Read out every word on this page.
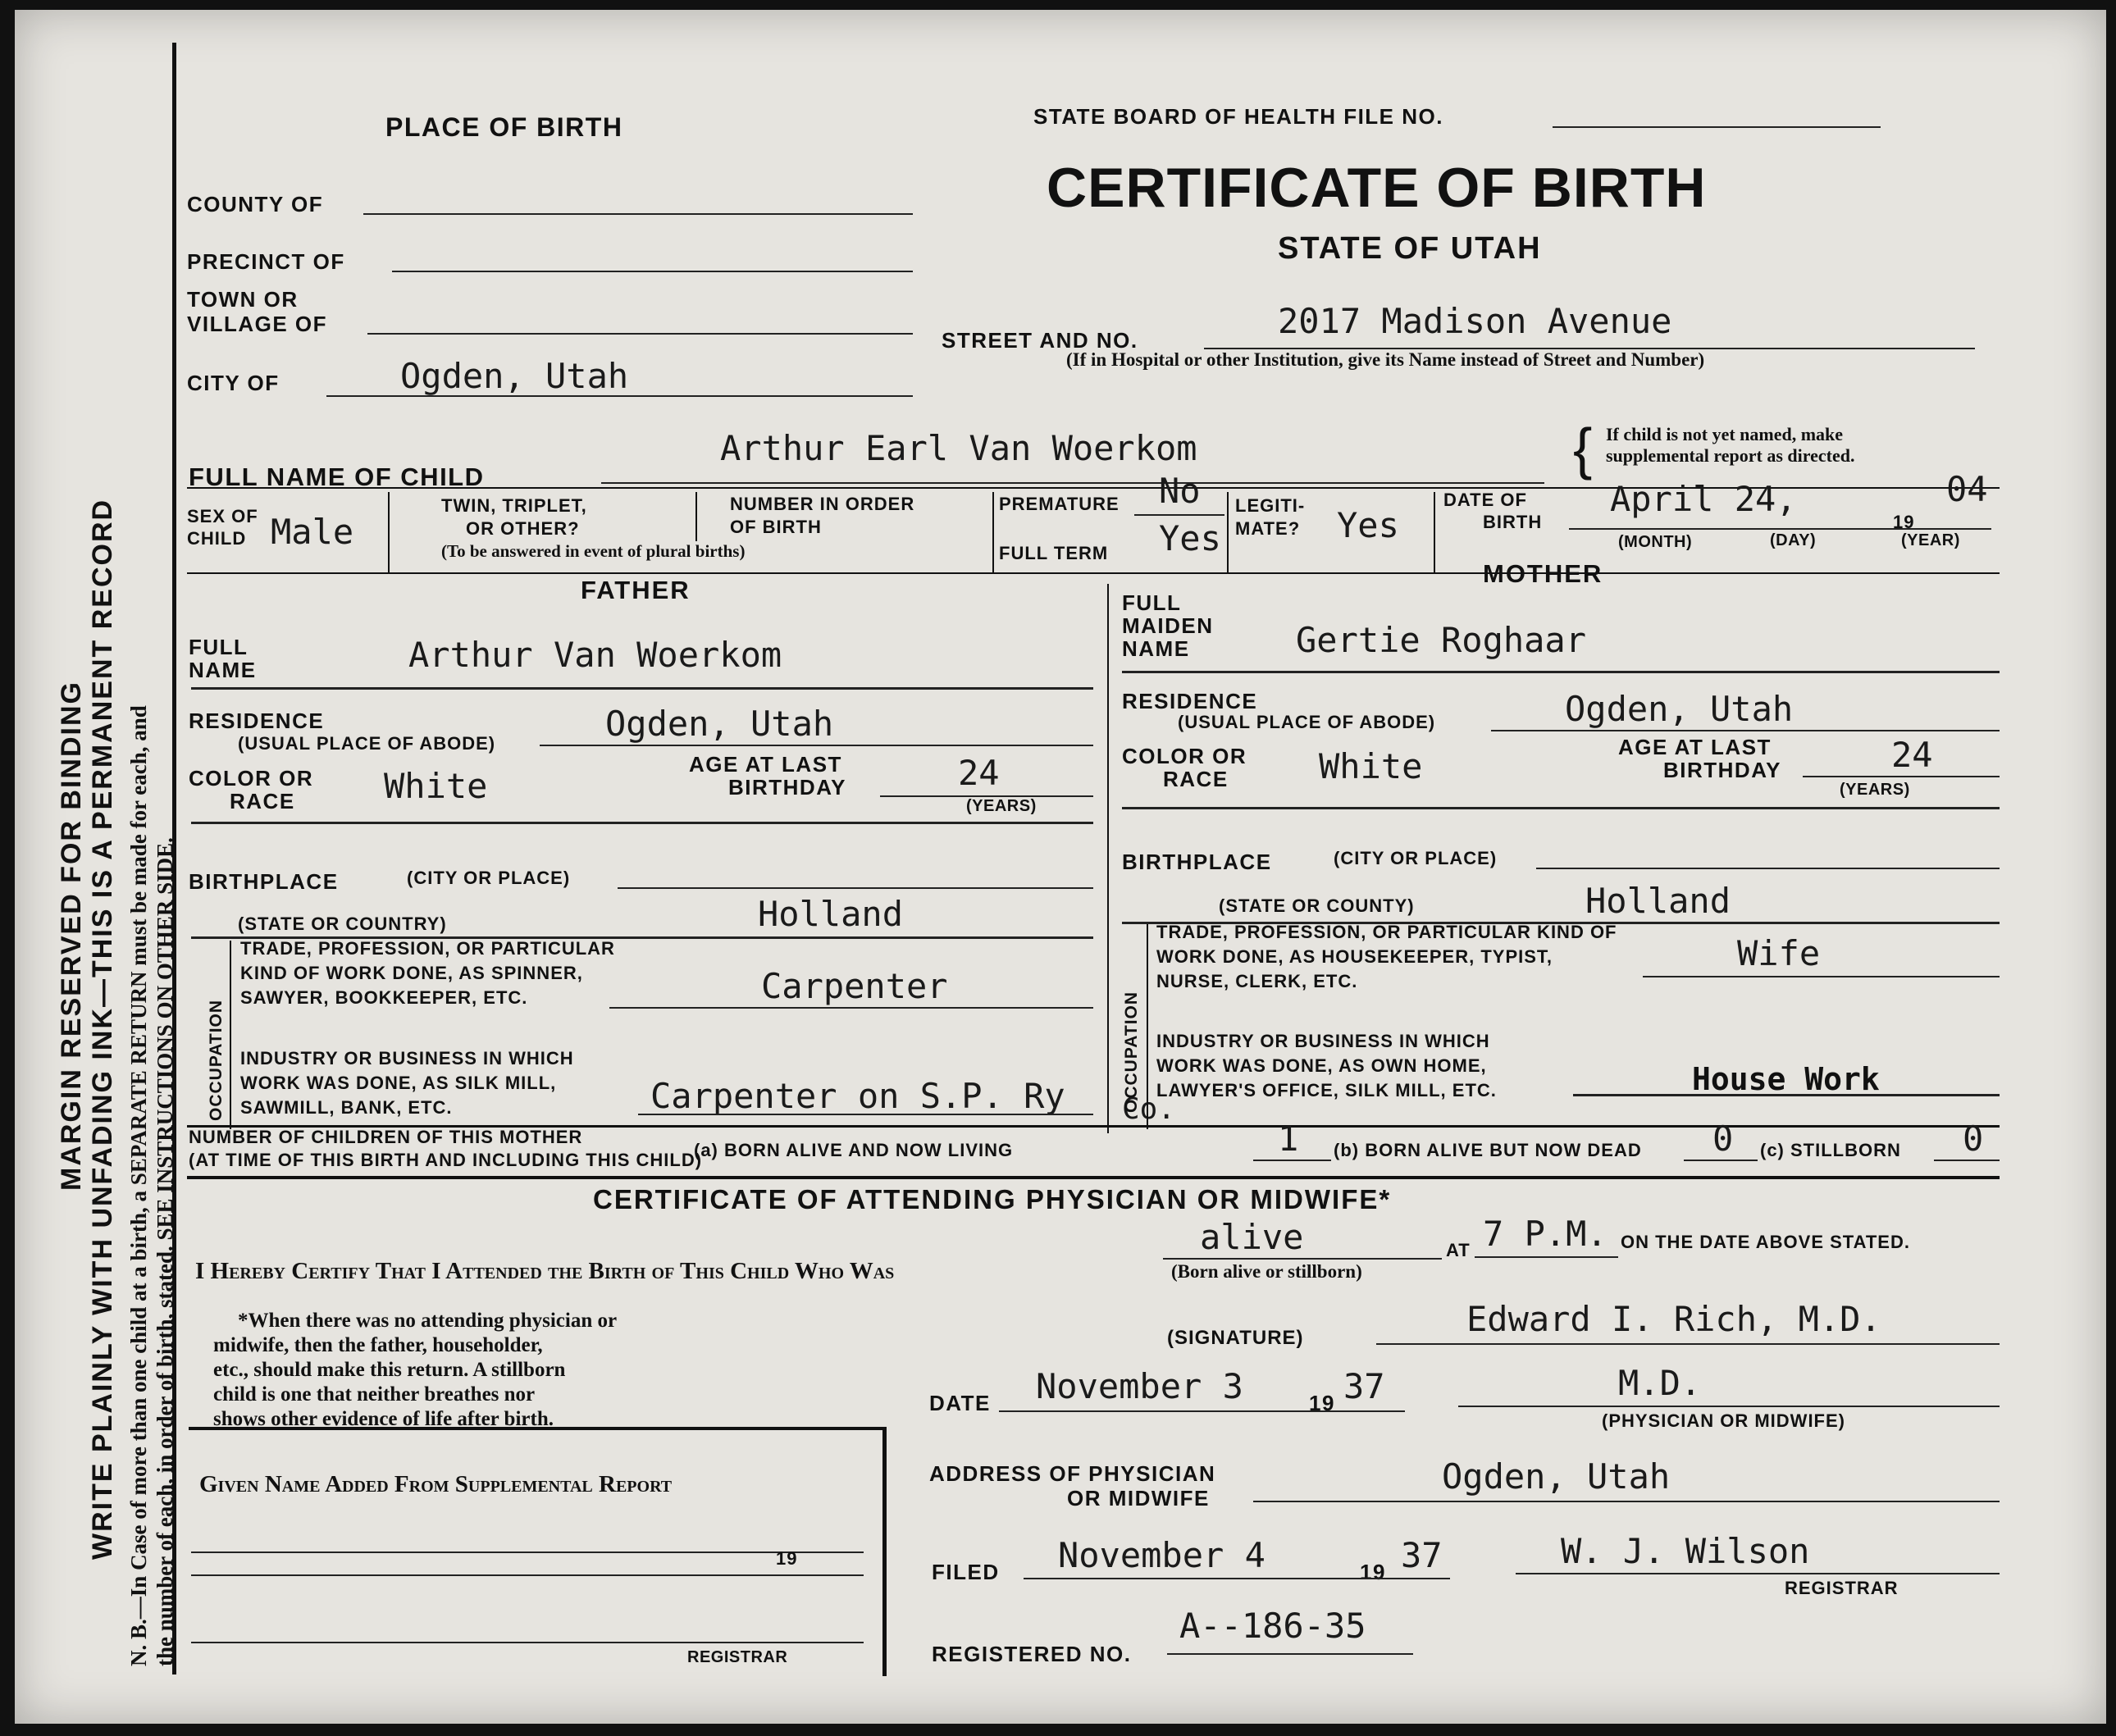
MARGIN RESERVED FOR BINDING WRITE PLAINLY WITH UNFADING INK—THIS IS A PERMANENT RECORD N. B.—In Case of more than one child at a birth, a SEPARATE RETURN must be made for each, and the number of each, in order of birth, stated. SEE INSTRUCTIONS ON OTHER SIDE.
PLACE OF BIRTH	STATE BOARD OF HEALTH FILE NO.
CERTIFICATE OF BIRTH
STATE OF UTAH
COUNTY OF
PRECINCT OF
TOWN OR
VILLAGE OF
CITY OF	Ogden, Utah
STREET AND NO.	2017 Madison Avenue
(If in Hospital or other Institution, give its Name instead of Street and Number)
FULL NAME OF CHILD
Arthur Earl Van Woerkom	{ If child is not yet named, make
supplemental report as directed.
SEX OF
CHILD Male
TWIN, TRIPLET,
OR OTHER?
(To be answered in event of plural births)
NUMBER IN ORDER
OF BIRTH
PREMATURE No
FULL TERM Yes
LEGITI-
MATE? Yes
DATE OF
BIRTH
April 24,
19
04
(MONTH)	(DAY)	(YEAR)
FATHER
MOTHER
FULL
NAME	Arthur Van Woerkom
RESIDENCE
(USUAL PLACE OF ABODE)	Ogden, Utah
COLOR OR
RACE	White
AGE AT LAST
BIRTHDAY	24
(YEARS)
BIRTHPLACE	(CITY OR PLACE)
(STATE OR COUNTRY)	Holland
OCCUPATION
TRADE, PROFESSION, OR PARTICULAR
KIND OF WORK DONE, AS SPINNER,
SAWYER, BOOKKEEPER, ETC.	Carpenter
INDUSTRY OR BUSINESS IN WHICH
WORK WAS DONE, AS SILK MILL,
SAWMILL, BANK, ETC.	Carpenter on S.P. Ry Co.
FULL
MAIDEN
NAME	Gertie Roghaar
RESIDENCE
(USUAL PLACE OF ABODE)	Ogden, Utah
COLOR OR
RACE	White	AGE AT LAST
BIRTHDAY	24
(YEARS)
BIRTHPLACE	(CITY OR PLACE)
(STATE OR COUNTY)	Holland
OCCUPATION
TRADE, PROFESSION, OR PARTICULAR KIND OF
WORK DONE, AS HOUSEKEEPER, TYPIST,
NURSE, CLERK, ETC.
Wife
INDUSTRY OR BUSINESS IN WHICH
WORK WAS DONE, AS OWN HOME,
LAWYER'S OFFICE, SILK MILL, ETC.	House Work
NUMBER OF CHILDREN OF THIS MOTHER
(AT TIME OF THIS BIRTH AND INCLUDING THIS CHILD)
(a) BORN ALIVE AND NOW LIVING	1 (b) BORN ALIVE BUT NOW DEAD 0 (c) STILLBORN 0
CERTIFICATE OF ATTENDING PHYSICIAN OR MIDWIFE*
I Hereby Certify That I Attended the Birth of This Child Who Was
alive
(Born alive or stillborn)
AT 7 P.M. ON THE DATE ABOVE STATED.
*When there was no attending physician or
midwife, then the father, householder,
etc., should make this return. A stillborn
child is one that neither breathes nor
shows other evidence of life after birth.
(SIGNATURE)	Edward I. Rich, M.D.
DATE November 3	19 37	M.D.
(PHYSICIAN OR MIDWIFE)
ADDRESS OF PHYSICIAN
OR MIDWIFE
Ogden, Utah
Given Name Added From Supplemental Report
19
REGISTRAR
FILED November 4	19 37	W. J. Wilson
REGISTRAR
REGISTERED NO.
A--186-35
